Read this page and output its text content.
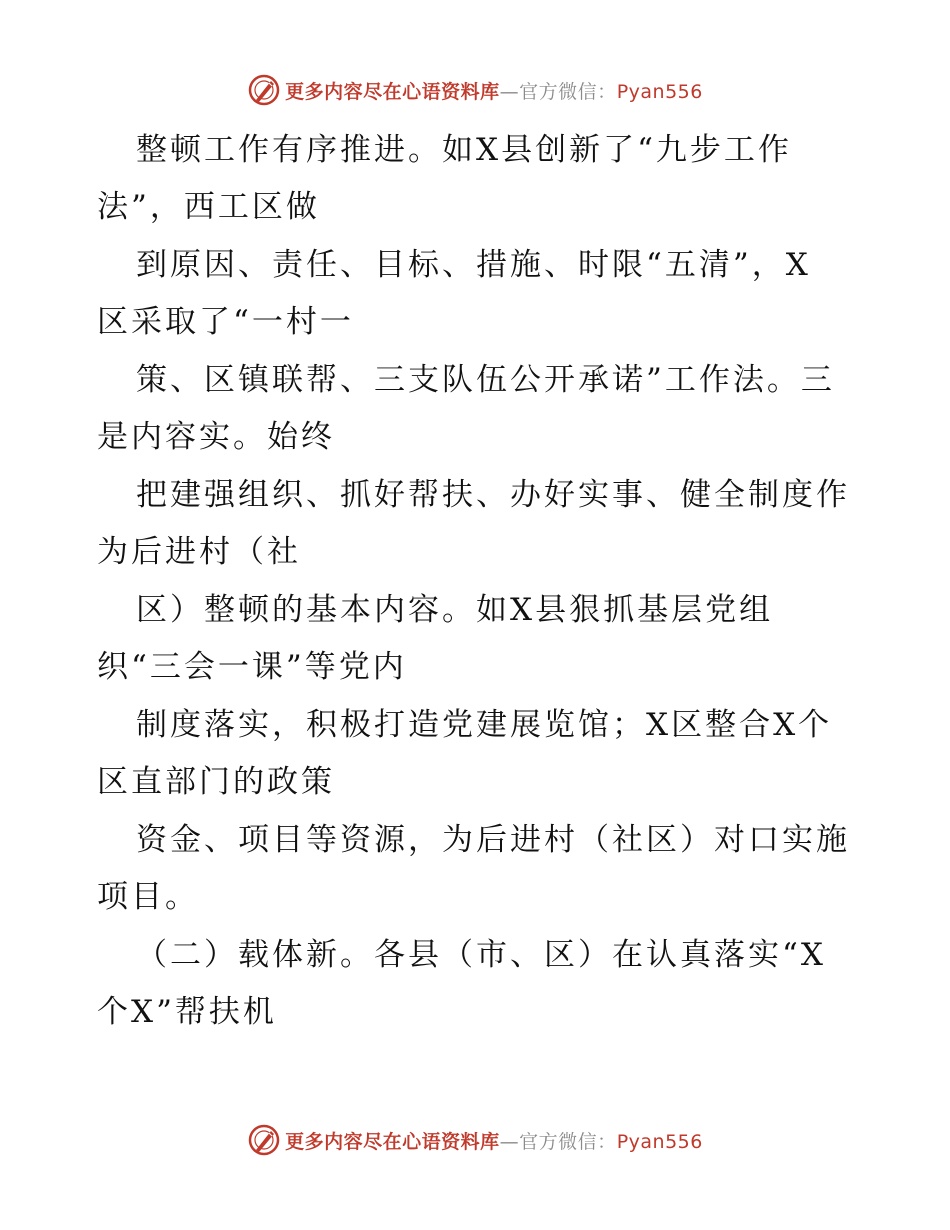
更多内容尽在心语资料库—官方微信：Pyan556
整顿工作有序推进。如X县创新了“九步工作
法”，西工区做
到原因、责任、目标、措施、时限“五清”，X
区采取了“一村一
策、区镇联帮、三支队伍公开承诺”工作法。三
是内容实。始终
把建强组织、抓好帮扶、办好实事、健全制度作
为后进村（社
区）整顿的基本内容。如X县狠抓基层党组
织“三会一课”等党内
制度落实，积极打造党建展览馆；X区整合X个
区直部门的政策
资金、项目等资源，为后进村（社区）对口实施
项目。
（二）载体新。各县（市、区）在认真落实“X
个X”帮扶机
更多内容尽在心语资料库—官方微信：Pyan556
